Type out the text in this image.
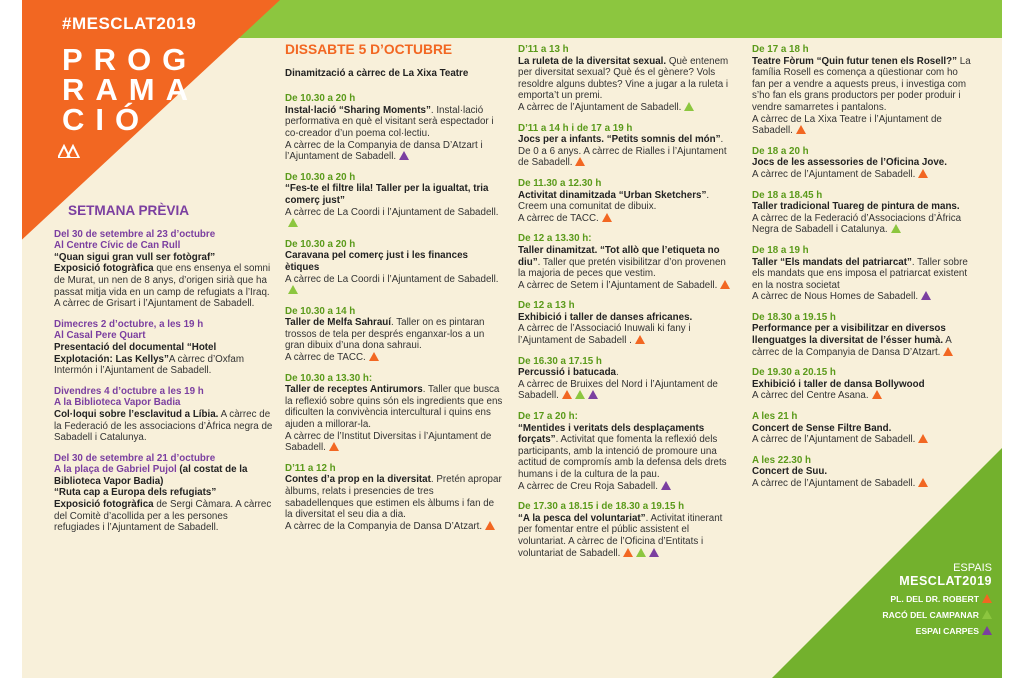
#MESCLAT2019
PROG
RAMA
CIÓ
SETMANA PRÈVIA
Del 30 de setembre al 23 d’octubre
Al Centre Cívic de Can Rull
“Quan sigui gran vull ser fotògraf”
Exposició fotogràfica que ens ensenya el somni de Murat, un nen de 8 anys, d’origen sirià que ha passat mitja vida en un camp de refugiats a l’Iraq. A càrrec de Grisart i l’Ajuntament de Sabadell.
Dimecres 2 d’octubre, a les 19 h
Al Casal Pere Quart
Presentació del documental “Hotel Explotación: Las Kellys”A càrrec d’Oxfam Intermón i l’Ajuntament de Sabadell.
Divendres 4 d’octubre a les 19 h
A la Biblioteca Vapor Badia
Col·loqui sobre l’esclavitud a Líbia. A càrrec de la Federació de les associacions d’Àfrica negra de Sabadell i Catalunya.
Del 30 de setembre al 21 d’octubre
A la plaça de Gabriel Pujol (al costat de la Biblioteca Vapor Badia)
“Ruta cap a Europa dels refugiats”
Exposició fotogràfica de Sergi Càmara. A càrrec del Comitè d’acollida per a les persones refugiades i l’Ajuntament de Sabadell.
DISSABTE 5 D’OCTUBRE
Dinamització a càrrec de La Xixa Teatre
De 10.30 a 20 h
Instal·lació “Sharing Moments”. Instal·lació performativa en què el visitant serà espectador i co-creador d’un poema col·lectiu.
A càrrec de la Companyia de dansa D’Atzart i l’Ajuntament de Sabadell.
De 10.30 a 20 h
“Fes-te el filtre lila! Taller per la igualtat, tria comerç just”
A càrrec de La Coordi i l’Ajuntament de Sabadell.
De 10.30 a 20 h
Caravana pel comerç just i les finances ètiques
A càrrec de La Coordi i l’Ajuntament de Sabadell.
De 10.30 a 14 h
Taller de Melfa Sahrauí. Taller on es pintaran trossos de tela per després enganxar-los a un gran dibuix d’una dona sahraui.
A càrrec de TACC.
De 10.30 a 13.30 h:
Taller de receptes Antirumors. Taller que busca la reflexió sobre quins són els ingredients que ens dificulten la convivència intercultural i quins ens ajuden a millorar-la.
A càrrec de l’Institut Diversitas i l’Ajuntament de Sabadell.
D’11 a 12 h
Contes d’a prop en la diversitat. Pretén apropar àlbums, relats i presencies de tres sabadellenques que estimen els àlbums i fan de la diversitat el seu dia a dia.
A càrrec de la Companyia de Dansa D’Atzart.
D’11 a 13 h
La ruleta de la diversitat sexual. Què entenem per diversitat sexual? Què és el gènere? Vols resoldre alguns dubtes? Vine a jugar a la ruleta i emporta’t un premi.
A càrrec de l’Ajuntament de Sabadell.
D’11 a 14 h i de 17 a 19 h
Jocs per a infants. “Petits somnis del món”. De 0 a 6 anys. A càrrec de Rialles i l’Ajuntament de Sabadell.
De 11.30 a 12.30 h
Activitat dinamitzada “Urban Sketchers”. Creem una comunitat de dibuix.
A càrrec de TACC.
De 12 a 13.30 h:
Taller dinamitzat. “Tot allò que l’etiqueta no diu”. Taller que pretén visibilitzar d’on provenen la majoria de peces que vestim.
A càrrec de Setem i l’Ajuntament de Sabadell.
De 12 a 13 h
Exhibició i taller de danses africanes.
A càrrec de l’Associació Inuwali ki fany i l’Ajuntament de Sabadell .
De 16.30 a 17.15 h
Percussió i batucada.
A càrrec de Bruixes del Nord i l’Ajuntament de Sabadell.
De 17 a 20 h:
“Mentides i veritats dels desplaçaments forçats”. Activitat que fomenta la reflexió dels participants, amb la intenció de promoure una actitud de compromís amb la defensa dels drets humans i de la cultura de la pau.
A càrrec de Creu Roja Sabadell.
De 17.30 a 18.15 i de 18.30 a 19.15 h
“A la pesca del voluntariat”. Activitat itinerant per fomentar entre el públic assistent el voluntariat. A càrrec de l’Oficina d’Entitats i voluntariat de Sabadell.
De 17 a 18 h
Teatre Fòrum “Quin futur tenen els Rosell?” La família Rosell es comença a qüestionar com ho fan per a vendre a aquests preus, i investiga com s’ho fan els grans productors per poder produir i vendre samarretes i pantalons.
A càrrec de La Xixa Teatre i l’Ajuntament de Sabadell.
De 18 a 20 h
Jocs de les assessories de l’Oficina Jove.
A càrrec de l’Ajuntament de Sabadell.
De 18 a 18.45 h
Taller tradicional Tuareg de pintura de mans.
A càrrec de la Federació d’Associacions d’Àfrica Negra de Sabadell i Catalunya.
De 18 a 19 h
Taller “Els mandats del patriarcat”. Taller sobre els mandats que ens imposa el patriarcat existent en la nostra societat
A càrrec de Nous Homes de Sabadell.
De 18.30 a 19.15 h
Performance per a visibilitzar en diversos llenguatges la diversitat de l’ésser humà. A càrrec de la Companyia de Dansa D’Atzart.
De 19.30 a 20.15 h
Exhibició i taller de dansa Bollywood
A càrrec del Centre Asana.
A les 21 h
Concert de Sense Filtre Band.
A càrrec de l’Ajuntament de Sabadell.
A les 22.30 h
Concert de Suu.
A càrrec de l’Ajuntament de Sabadell.
ESPAIS
MESCLAT2019
PL. DEL DR. ROBERT
RACÓ DEL CAMPANAR
ESPAI CARPES
